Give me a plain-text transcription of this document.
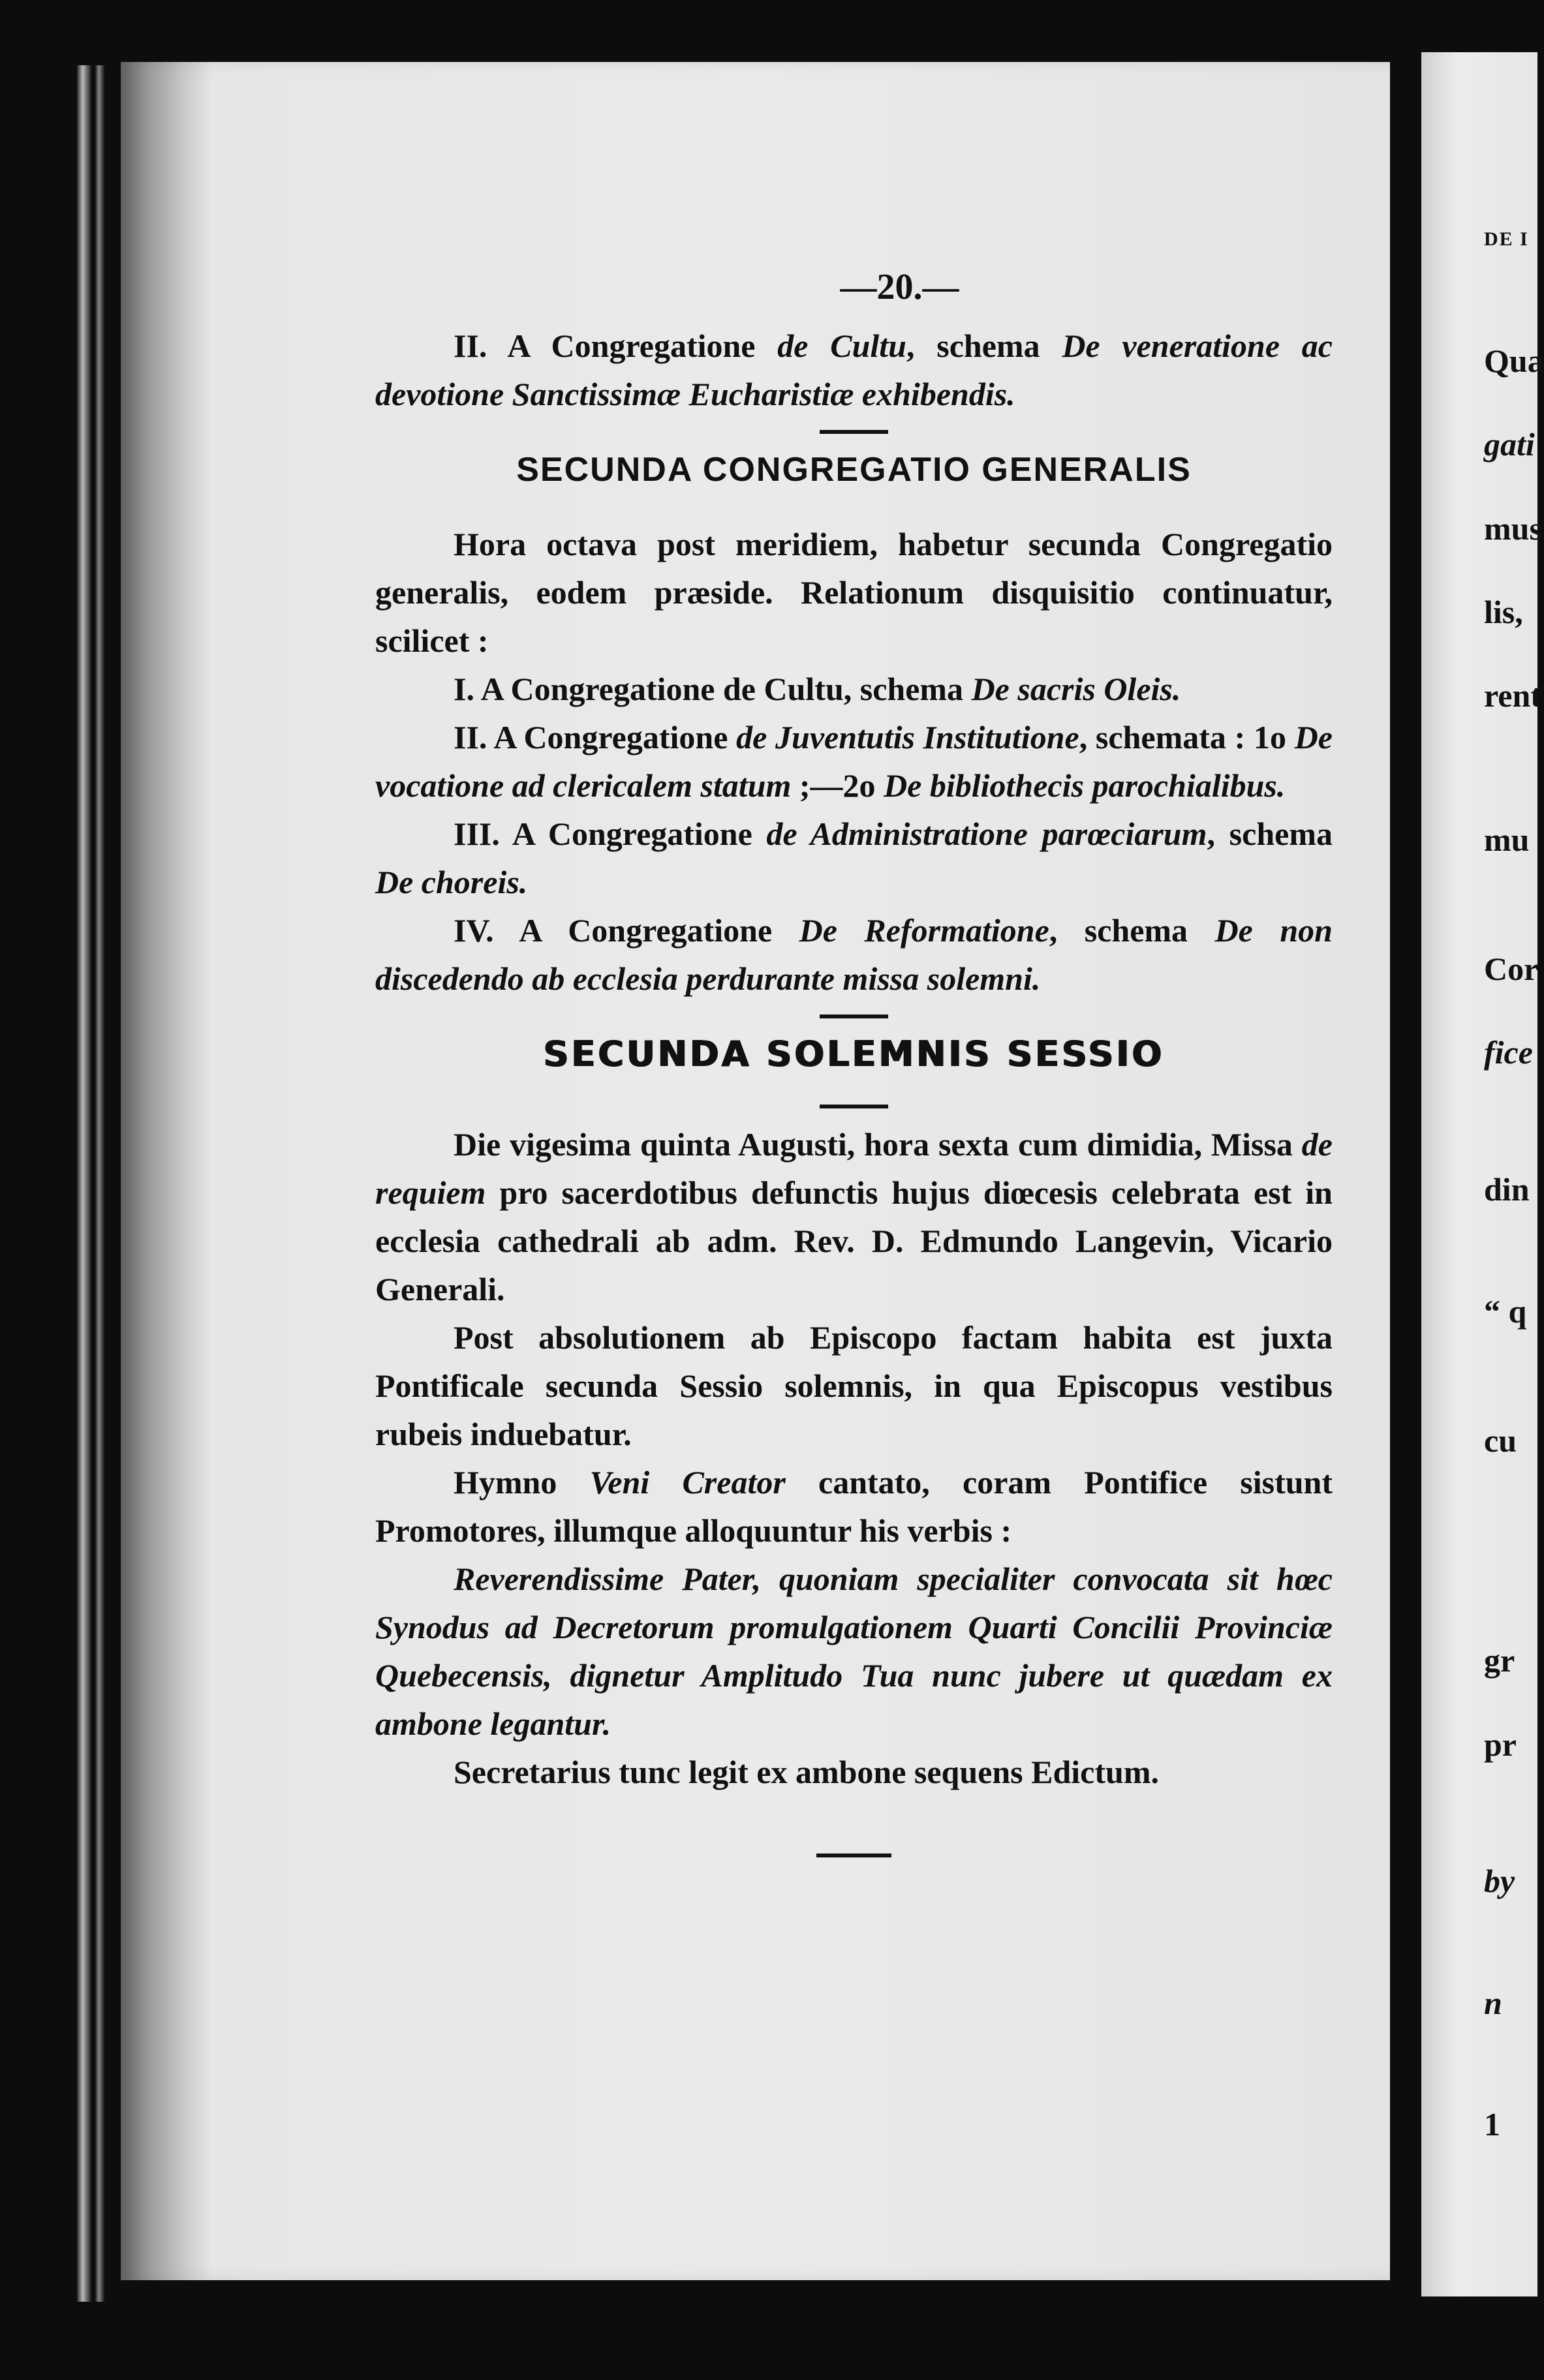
DE I
Qua
gati
mus
lis,
rent
mu
Cor
fice
din
“ q
cu
gr
pr
by
n
1
—20.—

II. A Congregatione de Cultu, schema De veneratione ac devotione Sanctissimæ Eucharistiæ exhibendis.

SECUNDA CONGREGATIO GENERALIS

Hora octava post meridiem, habetur secunda Congregatio generalis, eodem præside. Relationum disquisitio continuatur, scilicet :

I. A Congregatione de Cultu, schema De sacris Oleis.

II. A Congregatione de Juventutis Institutione, schemata : 1o De vocatione ad clericalem statum ;—2o De bibliothecis parochialibus.

III. A Congregatione de Administratione parœciarum, schema De choreis.

IV. A Congregatione De Reformatione, schema De non discedendo ab ecclesia perdurante missa solemni.

SECUNDA SOLEMNIS SESSIO

Die vigesima quinta Augusti, hora sexta cum dimidia, Missa de requiem pro sacerdotibus defunctis hujus diœcesis celebrata est in ecclesia cathedrali ab adm. Rev. D. Edmundo Langevin, Vicario Generali.

Post absolutionem ab Episcopo factam habita est juxta Pontificale secunda Sessio solemnis, in qua Episcopus vestibus rubeis induebatur.

Hymno Veni Creator cantato, coram Pontifice sistunt Promotores, illumque alloquuntur his verbis :

Reverendissime Pater, quoniam specialiter convocata sit hœc Synodus ad Decretorum promulgationem Quarti Concilii Provinciæ Quebecensis, dignetur Amplitudo Tua nunc jubere ut quædam ex ambone legantur.

Secretarius tunc legit ex ambone sequens Edictum.
